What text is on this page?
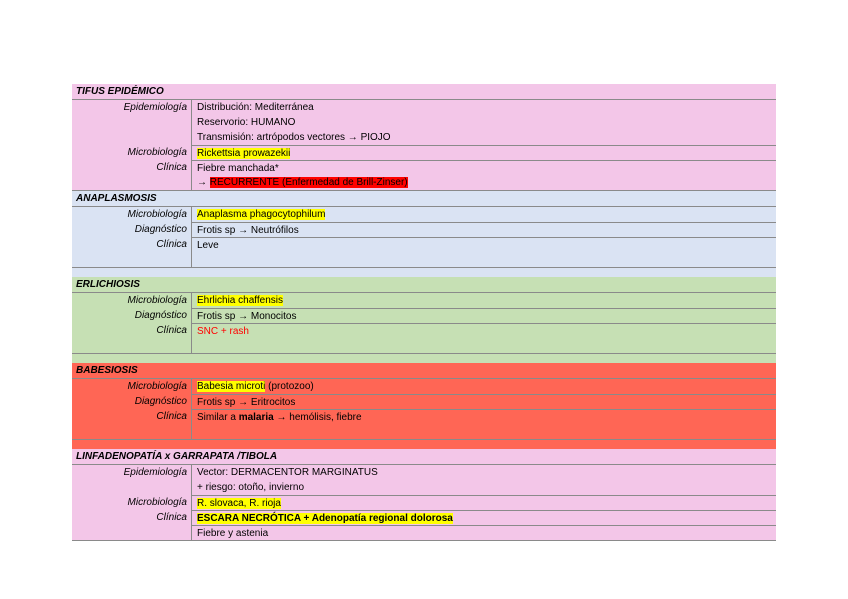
TIFUS EPIDÉMICO
Epidemiología	Distribución: Mediterránea
Reservorio: HUMANO
Transmisión: artrópodos vectores → PIOJO
Microbiología	Rickettsia prowazekii
Clínica	Fiebre manchada*
→ RECURRENTE (Enfermedad de Brill-Zinser)
ANAPLASMOSIS
Microbiología	Anaplasma phagocytophilum
Diagnóstico	Frotis sp → Neutrófilos
Clínica	Leve
ERLICHIOSIS
Microbiología	Ehrlichia chaffensis
Diagnóstico	Frotis sp → Monocitos
Clínica	SNC + rash
BABESIOSIS
Microbiología	Babesia microti (protozoo)
Diagnóstico	Frotis sp → Eritrocitos
Clínica	Similar a malaria → hemólisis, fiebre
LINFADENOPATÍA x GARRAPATA /TIBOLA
Epidemiología	Vector: DERMACENTOR MARGINATUS
+ riesgo: otoño, invierno
Microbiología	R. slovaca, R. rioja
Clínica	ESCARA NECRÓTICA + Adenopatía regional dolorosa
Fiebre y astenia
